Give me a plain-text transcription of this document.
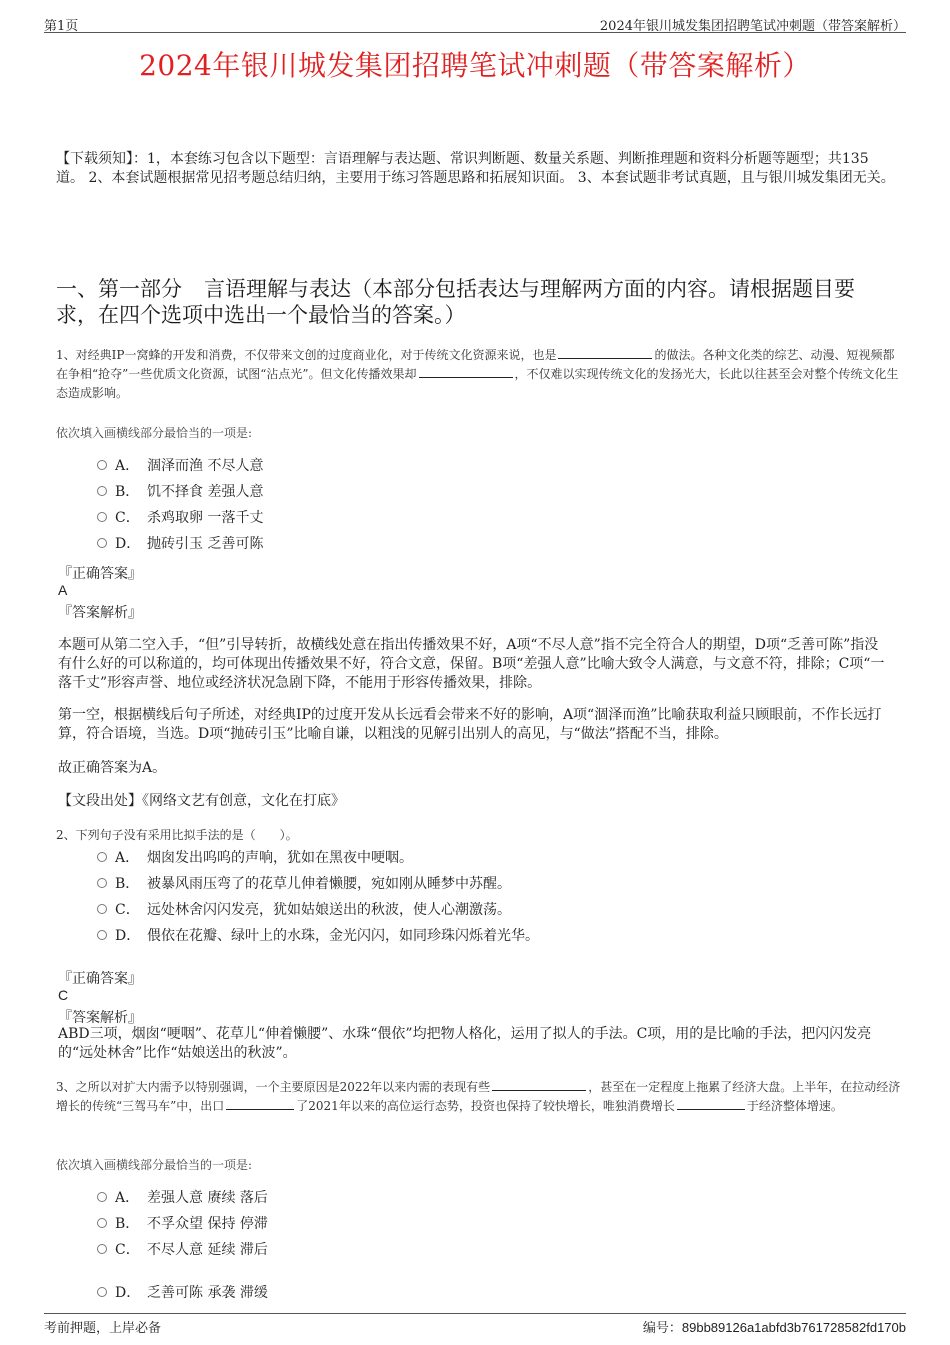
第1页	2024年银川城发集团招聘笔试冲刺题（带答案解析）
2024年银川城发集团招聘笔试冲刺题（带答案解析）
【下载须知】：1，本套练习包含以下题型：言语理解与表达题、常识判断题、数量关系题、判断推理题和资料分析题等题型；共135道。 2、本套试题根据常见招考题总结归纳，主要用于练习答题思路和拓展知识面。 3、本套试题非考试真题，且与银川城发集团无关。
一、第一部分 言语理解与表达（本部分包括表达与理解两方面的内容。请根据题目要求，在四个选项中选出一个最恰当的答案。）
1、对经典IP一窝蜂的开发和消费，不仅带来文创的过度商业化，对于传统文化资源来说，也是	的做法。各种文化类的综艺、动漫、短视频都在争相“抢夺”一些优质文化资源，试图“沾点光”。但文化传播效果却	，不仅难以实现传统文化的发扬光大，长此以往甚至会对整个传统文化生态造成影响。
依次填入画横线部分最恰当的一项是:
A． 涸泽而渔 不尽人意
B． 饥不择食 差强人意
C． 杀鸡取卵 一落千丈
D． 抛砖引玉 乏善可陈
『正确答案』
A
『答案解析』
本题可从第二空入手，“但”引导转折，故横线处意在指出传播效果不好，A项“不尽人意”指不完全符合人的期望，D项“乏善可陈”指没有什么好的可以称道的，均可体现出传播效果不好，符合文意，保留。B项“差强人意”比喻大致令人满意，与文意不符，排除；C项“一落千丈”形容声誉、地位或经济状况急剧下降，不能用于形容传播效果，排除。
第一空，根据横线后句子所述，对经典IP的过度开发从长远看会带来不好的影响，A项“涸泽而渔”比喻获取利益只顾眼前，不作长远打算，符合语境，当选。D项“抛砖引玉”比喻自谦，以粗浅的见解引出别人的高见，与“做法”搭配不当，排除。
故正确答案为A。
【文段出处】《网络文艺有创意，文化在打底》
2、下列句子没有采用比拟手法的是（　　）。
A． 烟囱发出呜呜的声响，犹如在黑夜中哽咽。
B． 被暴风雨压弯了的花草儿伸着懒腰，宛如刚从睡梦中苏醒。
C． 远处林舍闪闪发亮，犹如姑娘送出的秋波，使人心潮激荡。
D． 偎依在花瓣、绿叶上的水珠，金光闪闪，如同珍珠闪烁着光华。
『正确答案』
C
『答案解析』
ABD三项，烟囱“哽咽”、花草儿“伸着懒腰”、水珠“偎依”均把物人格化，运用了拟人的手法。C项，用的是比喻的手法，把闪闪发亮的“远处林舍”比作“姑娘送出的秋波”。
3、之所以对扩大内需予以特别强调，一个主要原因是2022年以来内需的表现有些	，甚至在一定程度上拖累了经济大盘。上半年，在拉动经济增长的传统“三驾马车”中，出口	了2021年以来的高位运行态势，投资也保持了较快增长，唯独消费增长	于经济整体增速。
依次填入画横线部分最恰当的一项是:
A． 差强人意 赓续 落后
B． 不孚众望 保持 停滞
C． 不尽人意 延续 滞后
D． 乏善可陈 承袭 滞缓
考前押题，上岸必备	编号：89bb89126a1abfd3b761728582fd170b
